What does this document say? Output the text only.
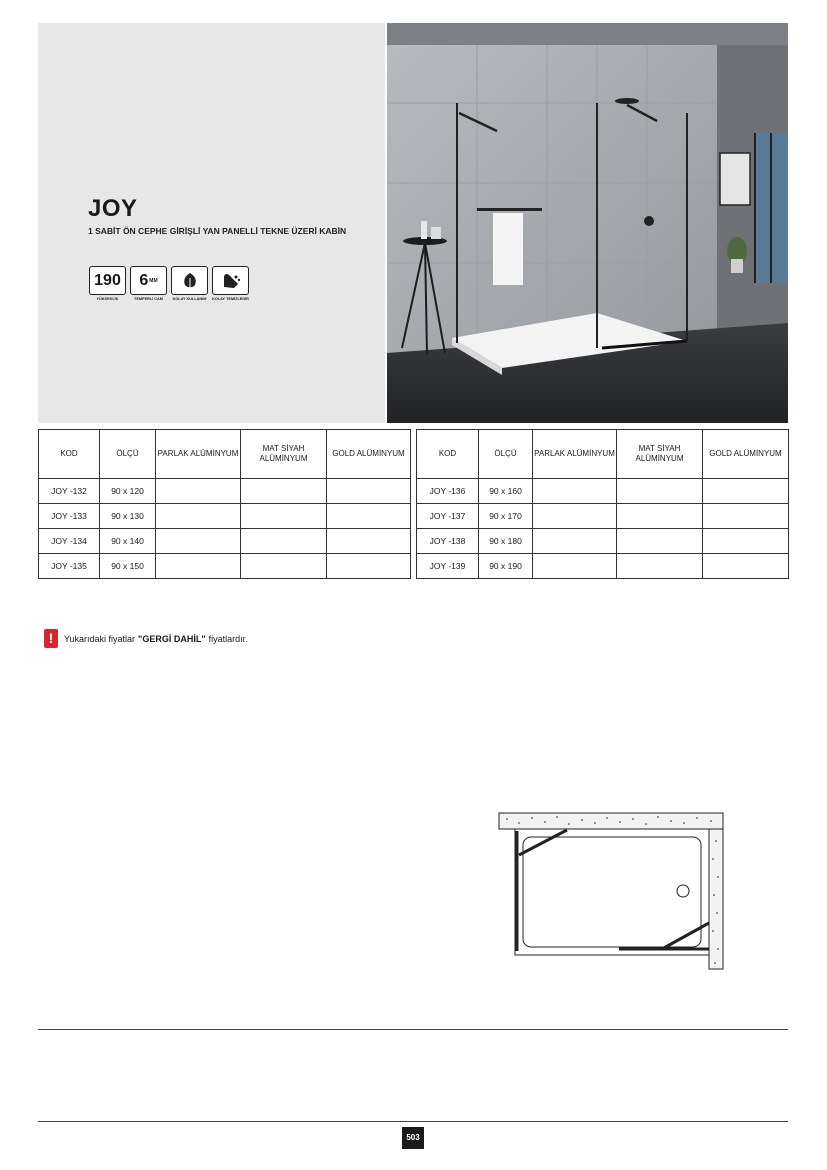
JOY
1 SABİT ÖN CEPHE GİRİŞLİ YAN PANELLİ TEKNE ÜZERİ KABİN
190
YÜKSEKLİK
6 MM
TEMPERLİ CAM	KOLAY KULLANIM KOLAY TEMİZLENİR
KOD	ÖLÇÜ	PARLAK ALÜMİNYUM	MAT SİYAH ALÜMİNYUM	GOLD ALÜMİNYUM
JOY -132	90 x 120			
JOY -133	90 x 130			
JOY -134	90 x 140			
JOY -135	90 x 150			
KOD	ÖLÇÜ	PARLAK ALÜMİNYUM	MAT SİYAH ALÜMİNYUM	GOLD ALÜMİNYUM
JOY -136	90 x 160			
JOY -137	90 x 170			
JOY -138	90 x 180			
JOY -139	90 x 190			
!	Yukarıdaki fiyatlar "GERGİ DAHİL" fiyatlardır.
503
